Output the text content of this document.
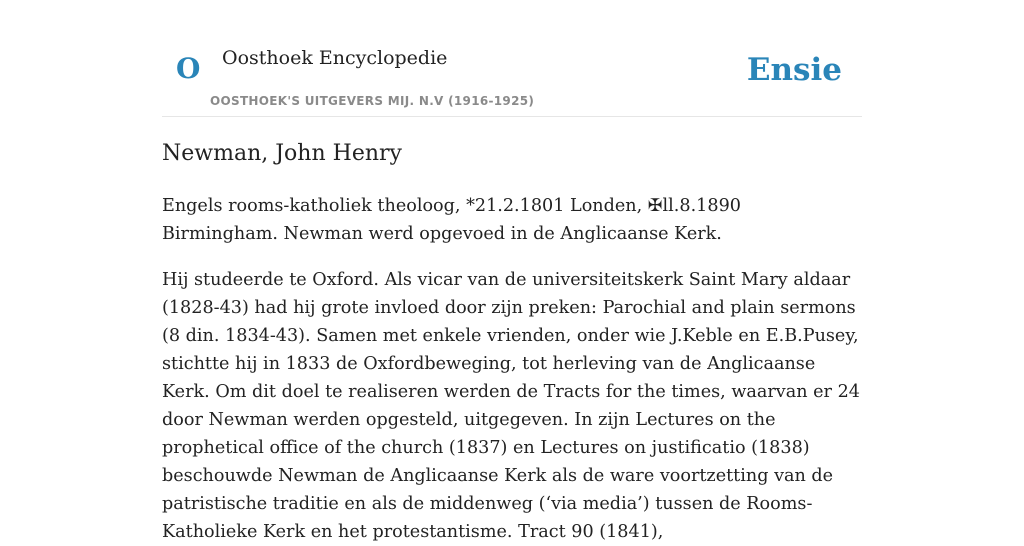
O Oosthoek Encyclopedie
OOSTHOEK'S UITGEVERS MIJ. N.V (1916-1925)
Ensie
Newman, John Henry

Engels rooms-katholiek theoloog, *21.2.1801 Londen, ✠ll.8.1890 Birmingham. Newman werd opgevoed in de Anglicaanse Kerk.

Hij studeerde te Oxford. Als vicar van de universiteitskerk Saint Mary aldaar (1828-43) had hij grote invloed door zijn preken: Parochial and plain sermons (8 din. 1834-43). Samen met enkele vrienden, onder wie J.Keble en E.B.Pusey, stichtte hij in 1833 de Oxfordbeweging, tot herleving van de Anglicaanse Kerk. Om dit doel te realiseren werden de Tracts for the times, waarvan er 24 door Newman werden opgesteld, uitgegeven. In zijn Lectures on the prophetical office of the church (1837) en Lectures on justificatio (1838) beschouwde Newman de Anglicaanse Kerk als de ware voortzetting van de patristische traditie en als de middenweg (‘via media’) tussen de Rooms-Katholieke Kerk en het protestantisme. Tract 90 (1841),
